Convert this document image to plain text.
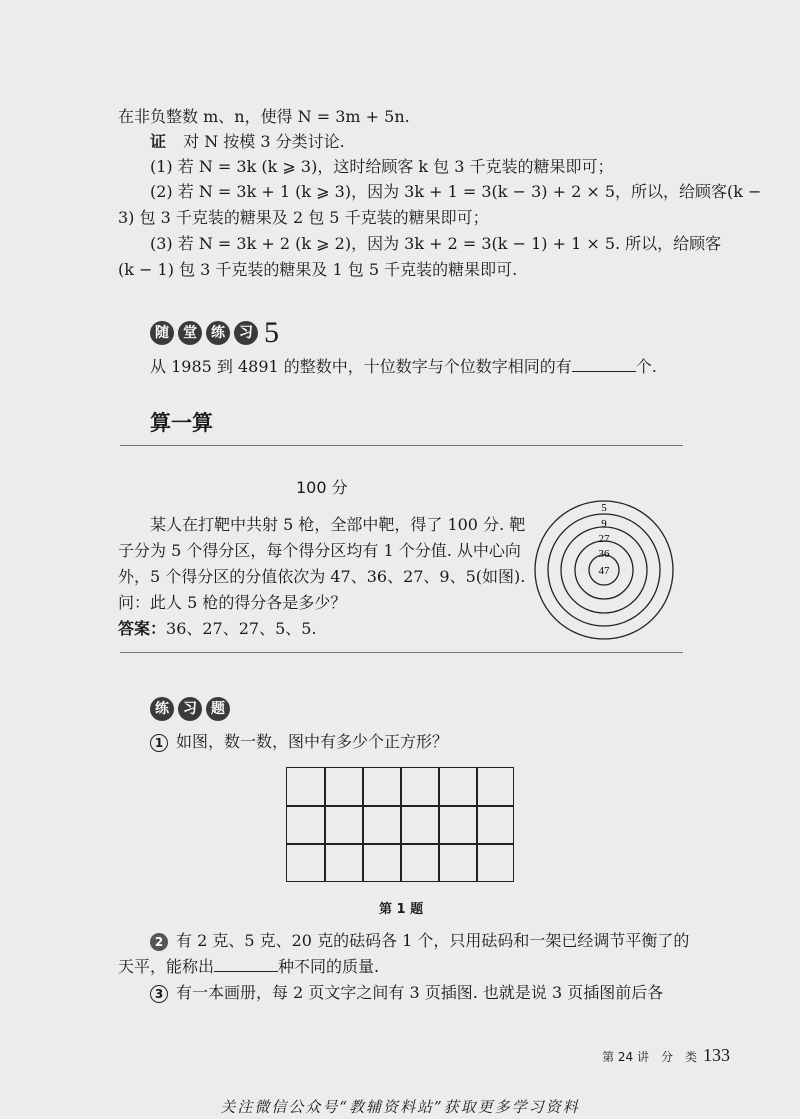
在非负整数 m、n，使得 N = 3m + 5n.
证 对 N 按模 3 分类讨论.
(1) 若 N = 3k (k ⩾ 3)，这时给顾客 k 包 3 千克装的糖果即可；
(2) 若 N = 3k + 1 (k ⩾ 3)，因为 3k + 1 = 3(k − 3) + 2 × 5，所以，给顾客(k −
3) 包 3 千克装的糖果及 2 包 5 千克装的糖果即可；
(3) 若 N = 3k + 2 (k ⩾ 2)，因为 3k + 2 = 3(k − 1) + 1 × 5. 所以，给顾客
(k − 1) 包 3 千克装的糖果及 1 包 5 千克装的糖果即可.
随	堂	练	习 5
从 1985 到 4891 的整数中，十位数字与个位数字相同的有	个.
算一算
100 分
某人在打靶中共射 5 枪，全部中靶，得了 100 分. 靶
子分为 5 个得分区，每个得分区均有 1 个分值. 从中心向
外，5 个得分区的分值依次为 47、36、27、9、5(如图).
问：此人 5 枪的得分各是多少？
答案：36、27、27、5、5.
5
9
27
36
47
练	习	题
1 如图，数一数，图中有多少个正方形？
第 1 题
2 有 2 克、5 克、20 克的砝码各 1 个，只用砝码和一架已经调节平衡了的
天平，能称出	种不同的质量.
3 有一本画册，每 2 页文字之间有 3 页插图. 也就是说 3 页插图前后各
第 24 讲　分　类 133
关注微信公众号“教辅资料站”获取更多学习资料
